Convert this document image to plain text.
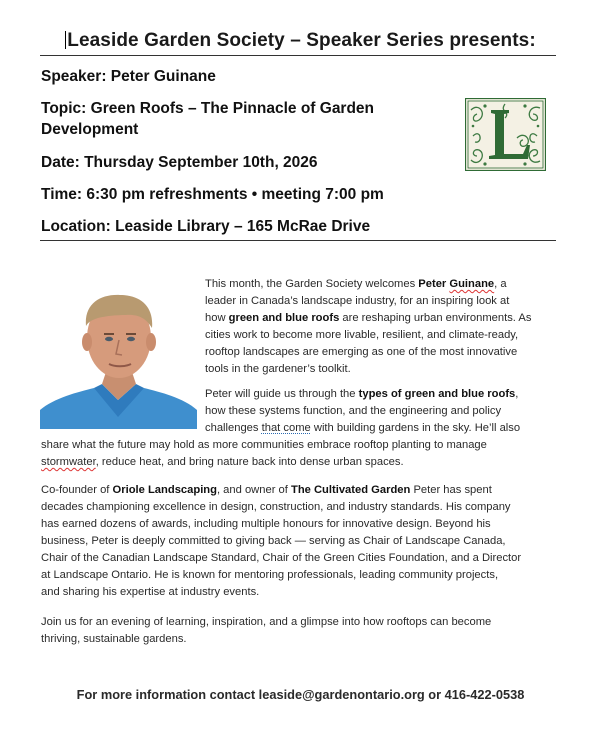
Leaside Garden Society – Speaker Series presents:
Speaker: Peter Guinane
Topic: Green Roofs – The Pinnacle of Garden
Development
Date: Thursday September 10th, 2026
Time: 6:30 pm refreshments • meeting 7:00 pm
Location: Leaside Library – 165 McRae Drive
This month, the Garden Society welcomes Peter Guinane, a
leader in Canada’s landscape industry, for an inspiring look at
how green and blue roofs are reshaping urban environments. As
cities work to become more livable, resilient, and climate-ready,
rooftop landscapes are emerging as one of the most innovative
tools in the gardener’s toolkit.
Peter will guide us through the types of green and blue roofs,
how these systems function, and the engineering and policy
challenges that come with building gardens in the sky. He’ll also
share what the future may hold as more communities embrace rooftop planting to manage
stormwater, reduce heat, and bring nature back into dense urban spaces.
Co-founder of Oriole Landscaping, and owner of The Cultivated Garden Peter has spent
decades championing excellence in design, construction, and industry standards. His company
has earned dozens of awards, including multiple honours for innovative design. Beyond his
business, Peter is deeply committed to giving back — serving as Chair of Landscape Canada,
Chair of the Canadian Landscape Standard, Chair of the Green Cities Foundation, and a Director
at Landscape Ontario. He is known for mentoring professionals, leading community projects,
and sharing his expertise at industry events.
Join us for an evening of learning, inspiration, and a glimpse into how rooftops can become
thriving, sustainable gardens.
For more information contact leaside@gardenontario.org or 416-422-0538
